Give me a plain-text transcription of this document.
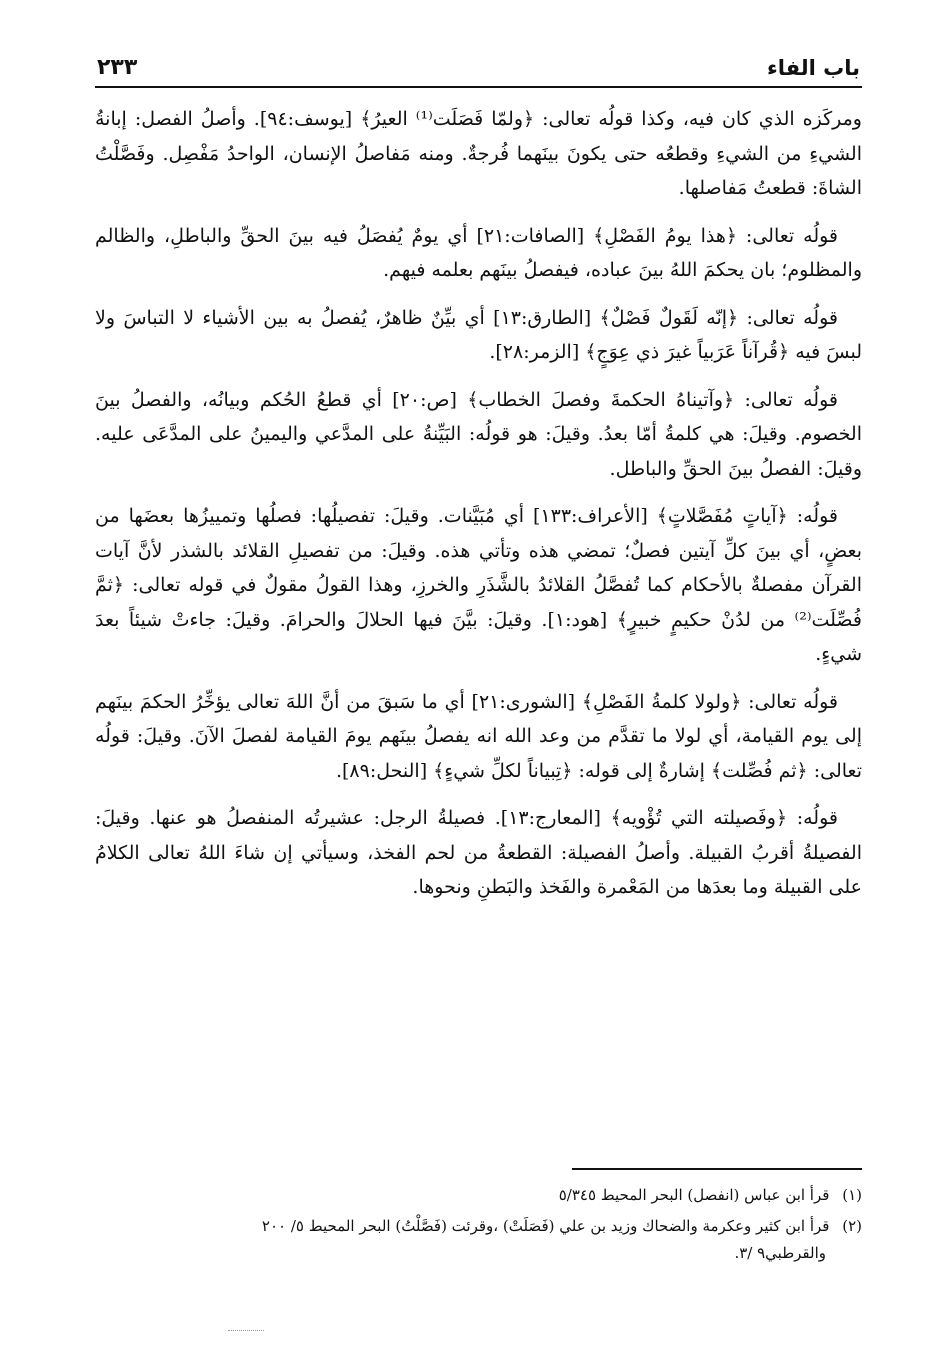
باب الفاء
٢٣٣

ومركَزه الذي كان فيه، وكذا قولُه تعالى: ﴿ولمّا فَصَلَت⁽¹⁾ العيرُ﴾ [يوسف:٩٤]. وأصلُ الفصل: إبانةُ الشيءِ من الشيءِ وقطعُه حتى يكونَ بينَهما فُرجةٌ. ومنه مَفاصلُ الإنسان، الواحدُ مَفْصِل. وفَصَّلْتُ الشاةَ: قطعتُ مَفاصلها.

قولُه تعالى: ﴿هذا يومُ الفَصْلِ﴾ [الصافات:٢١] أي يومٌ يُفصَلُ فيه بينَ الحقِّ والباطلِ، والظالم والمظلوم؛ بان يحكمَ اللهُ بينَ عباده، فيفصلُ بينَهم بعلمه فيهم.

قولُه تعالى: ﴿إنّه لَقَولٌ فَصْلٌ﴾ [الطارق:١٣] أي بيِّنٌ ظاهرٌ، يُفصلُ به بين الأشياء لا التباسَ ولا لبسَ فيه ﴿قُرآناً عَرَبياً غيرَ ذي عِوَجٍ﴾ [الزمر:٢٨].

قولُه تعالى: ﴿وآتيناهُ الحكمةَ وفصلَ الخطاب﴾ [ص:٢٠] أي قطعُ الحُكم وبيانُه، والفصلُ بينَ الخصوم. وقيلَ: هي كلمةُ أمّا بعدُ. وقيلَ: هو قولُه: البَيِّنةُ على المدَّعي واليمينُ على المدَّعَى عليه. وقيلَ: الفصلُ بينَ الحقِّ والباطل.

قولُه: ﴿آياتٍ مُفَصَّلاتٍ﴾ [الأعراف:١٣٣] أي مُبَيَّنات. وقيلَ: تفصيلُها: فصلُها وتمييزُها بعضَها من بعضٍ، أي بينَ كلِّ آيتين فصلٌ؛ تمضي هذه وتأتي هذه. وقيلَ: من تفصيلِ القلائد بالشذر لأنَّ آيات القرآن مفصلةٌ بالأحكام كما تُفصَّلُ القلائدُ بالشَّذَرِ والخرزِ، وهذا القولُ مقولٌ في قوله تعالى: ﴿ثمَّ فُصِّلَت⁽²⁾ من لدُنْ حكيمٍ خبيرٍ﴾ [هود:١]. وقيلَ: بيَّنَ فيها الحلالَ والحرامَ. وقيلَ: جاءتْ شيئاً بعدَ شيءٍ.

قولُه تعالى: ﴿ولولا كلمةُ الفَصْلِ﴾ [الشورى:٢١] أي ما سَبقَ من أنَّ اللهَ تعالى يؤخِّرُ الحكمَ بينَهم إلى يوم القيامة، أي لولا ما تقدَّم من وعد الله انه يفصلُ بينَهم يومَ القيامة لفصلَ الآنَ. وقيلَ: قولُه تعالى: ﴿ثم فُصِّلت﴾ إشارةٌ إلى قوله: ﴿تِبياناً لكلِّ شيءٍ﴾ [النحل:٨٩].

قولُه: ﴿وفَصيلته التي تُؤْويه﴾ [المعارج:١٣]. فصيلةُ الرجل: عشيرتُه المنفصلُ هو عنها. وقيلَ: الفصيلةُ أقربُ القبيلة. وأصلُ الفصيلة: القطعةُ من لحم الفخذ، وسيأتي إن شاءَ اللهُ تعالى الكلامُ على القبيلة وما بعدَها من المَعْمرة والفَخذ والبَطنِ ونحوها.

(١) قرأ ابن عباس (انفصل) البحر المحيط ٥/٣٤٥
(٢) قرأ ابن كثير وعكرمة والضحاك وزيد بن علي (فَصَلَتْ) ،وقرئت (فَصَّلْتُ) البحر المحيط ٥/ ٢٠٠
والقرطبي٩ /٣.
